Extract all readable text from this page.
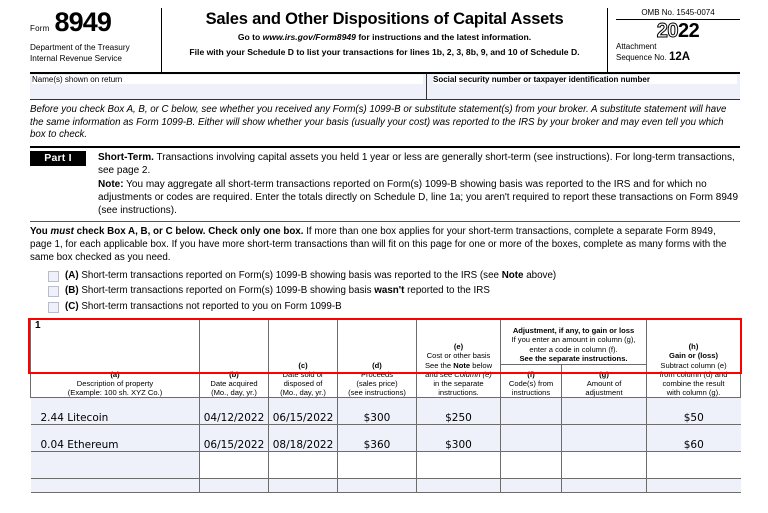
Form 8949
Department of the Treasury
Internal Revenue Service
Sales and Other Dispositions of Capital Assets
Go to www.irs.gov/Form8949 for instructions and the latest information.
File with your Schedule D to list your transactions for lines 1b, 2, 3, 8b, 9, and 10 of Schedule D.
OMB No. 1545-0074
2022
Attachment
Sequence No. 12A
Name(s) shown on return	Social security number or taxpayer identification number
Before you check Box A, B, or C below, see whether you received any Form(s) 1099-B or substitute statement(s) from your broker. A substitute statement will have the same information as Form 1099-B. Either will show whether your basis (usually your cost) was reported to the IRS by your broker and may even tell you which box to check.
Part I	Short-Term. Transactions involving capital assets you held 1 year or less are generally short-term (see instructions). For long-term transactions, see page 2.
Note: You may aggregate all short-term transactions reported on Form(s) 1099-B showing basis was reported to the IRS and for which no adjustments or codes are required. Enter the totals directly on Schedule D, line 1a; you aren't required to report these transactions on Form 8949 (see instructions).
You must check Box A, B, or C below. Check only one box. If more than one box applies for your short-term transactions, complete a separate Form 8949, page 1, for each applicable box. If you have more short-term transactions than will fit on this page for one or more of the boxes, complete as many forms with the same box checked as you need.
(A) Short-term transactions reported on Form(s) 1099-B showing basis was reported to the IRS (see Note above)
(B) Short-term transactions reported on Form(s) 1099-B showing basis wasn't reported to the IRS
(C) Short-term transactions not reported to you on Form 1099-B
1
(a)
Description of property
(Example: 100 sh. XYZ Co.)

(b)
Date acquired
(Mo., day, yr.)

(c)
Date sold or
disposed of
(Mo., day, yr.)

(d)
Proceeds
(sales price)
(see instructions)

(e)
Cost or other basis
See the Note below
and see Column (e)
in the separate
instructions.

Adjustment, if any, to gain or loss
If you enter an amount in column (g),
enter a code in column (f).
See the separate instructions.

(h)
Gain or (loss)
Subtract column (e)
from column (d) and
combine the result
with column (g).

(f)
Code(s) from
instructions

(g)
Amount of
adjustment

2.44 Litecoin	04/12/2022	06/15/2022	$300	$250			$50
0.04 Ethereum	06/15/2022	08/18/2022	$360	$300			$60
